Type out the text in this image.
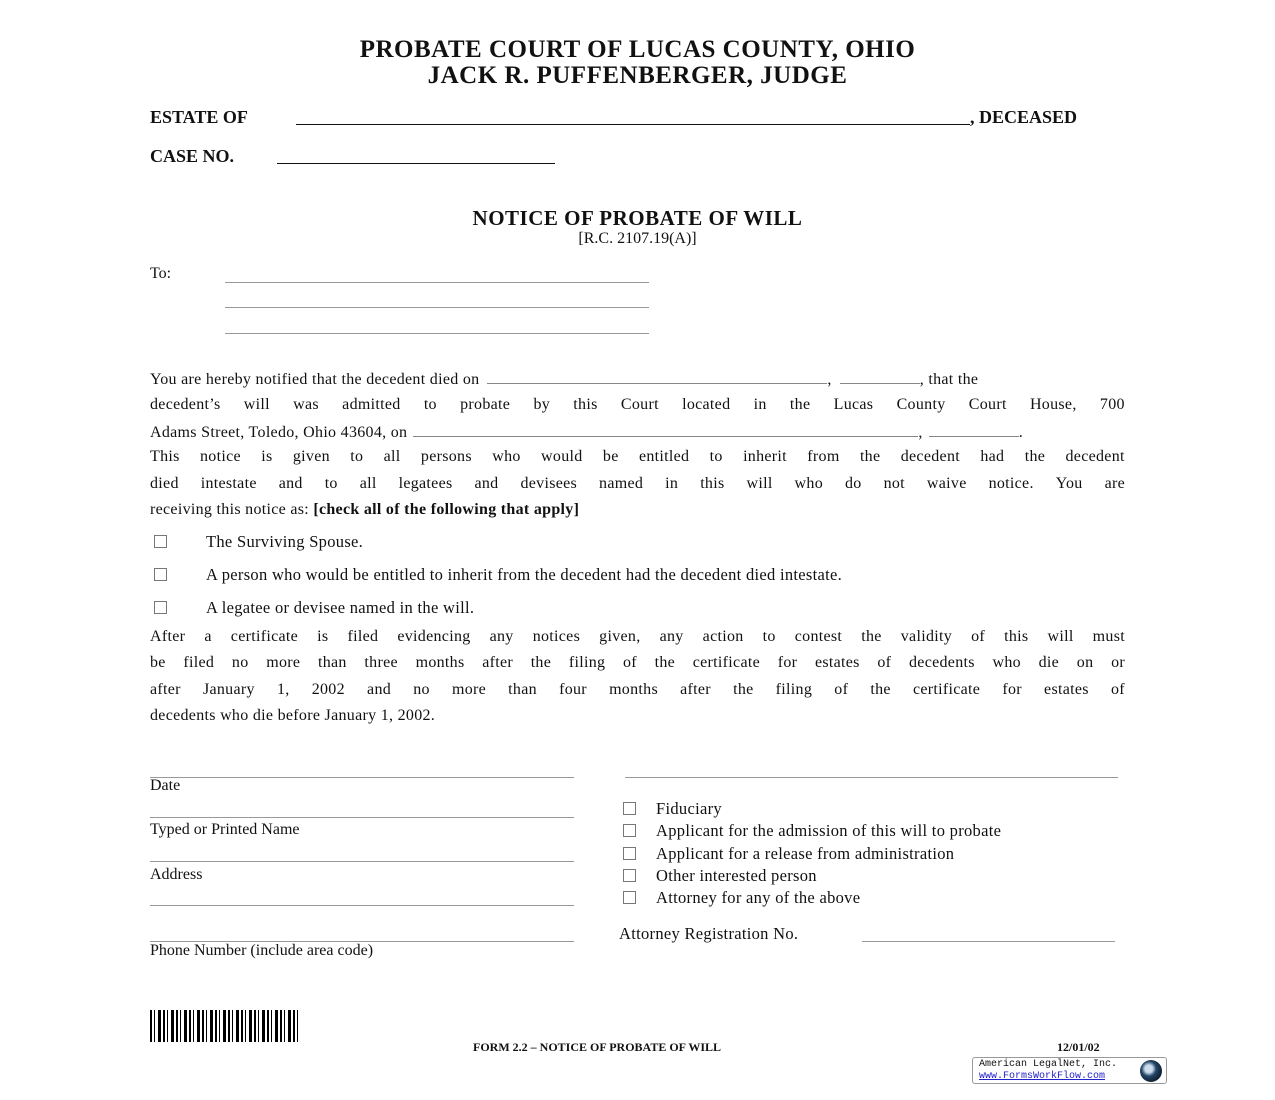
PROBATE COURT OF LUCAS COUNTY, OHIO
JACK R. PUFFENBERGER, JUDGE
ESTATE OF	, DECEASED
CASE NO.
NOTICE OF PROBATE OF WILL
[R.C. 2107.19(A)]
To:
You are hereby notified that the decedent died on	,	, that the
decedent’s will was admitted to probate by this Court located in the Lucas County Court House, 700
Adams Street, Toledo, Ohio 43604, on	,	.
This notice is given to all persons who would be entitled to inherit from the decedent had the decedent
died intestate and to all legatees and devisees named in this will who do not waive notice. You are
receiving this notice as: [check all of the following that apply]
The Surviving Spouse.
A person who would be entitled to inherit from the decedent had the decedent died intestate.
A legatee or devisee named in the will.
After a certificate is filed evidencing any notices given, any action to contest the validity of this will must
be filed no more than three months after the filing of the certificate for estates of decedents who die on or
after January 1, 2002 and no more than four months after the filing of the certificate for estates of
decedents who die before January 1, 2002.
Date
Typed or Printed Name
Address
Phone Number (include area code)
Fiduciary
Applicant for the admission of this will to probate
Applicant for a release from administration
Other interested person
Attorney for any of the above
Attorney Registration No.
FORM 2.2 – NOTICE OF PROBATE OF WILL	12/01/02
American LegalNet, Inc.
www.FormsWorkFlow.com
